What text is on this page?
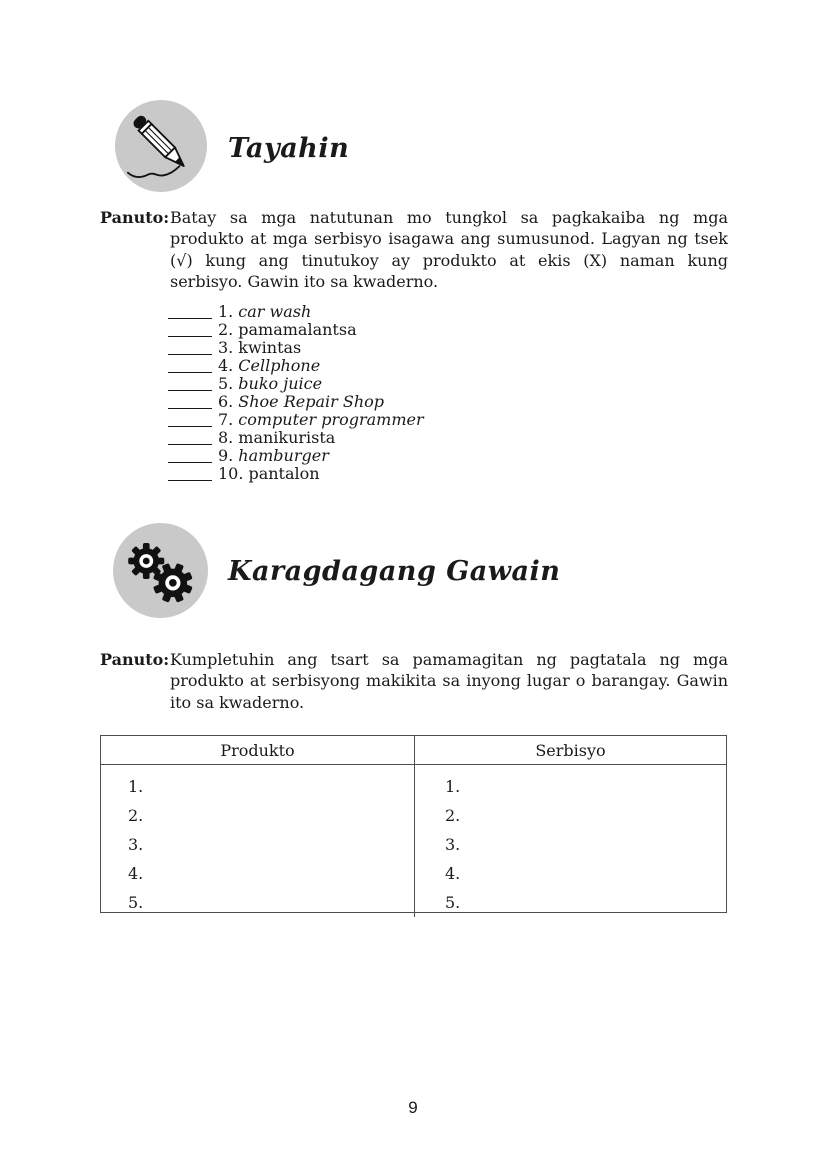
Tayahin
Panuto: Batay sa mga natutunan mo tungkol sa pagkakaiba ng mga produkto at mga serbisyo isagawa ang sumusunod. Lagyan ng tsek (√) kung ang tinutukoy ay produkto at ekis (X) naman kung serbisyo. Gawin ito sa kwaderno.
1. car wash
2. pamamalantsa
3. kwintas
4. Cellphone
5. buko juice
6. Shoe Repair Shop
7. computer programmer
8. manikurista
9. hamburger
10. pantalon
Karagdagang Gawain
Panuto: Kumpletuhin ang tsart sa pamamagitan ng pagtatala ng mga produkto at serbisyong makikita sa inyong lugar o barangay. Gawin ito sa kwaderno.
Produkto	Serbisyo
1.
2.
3.
4.
5.
1.
2.
3.
4.
5.
9
